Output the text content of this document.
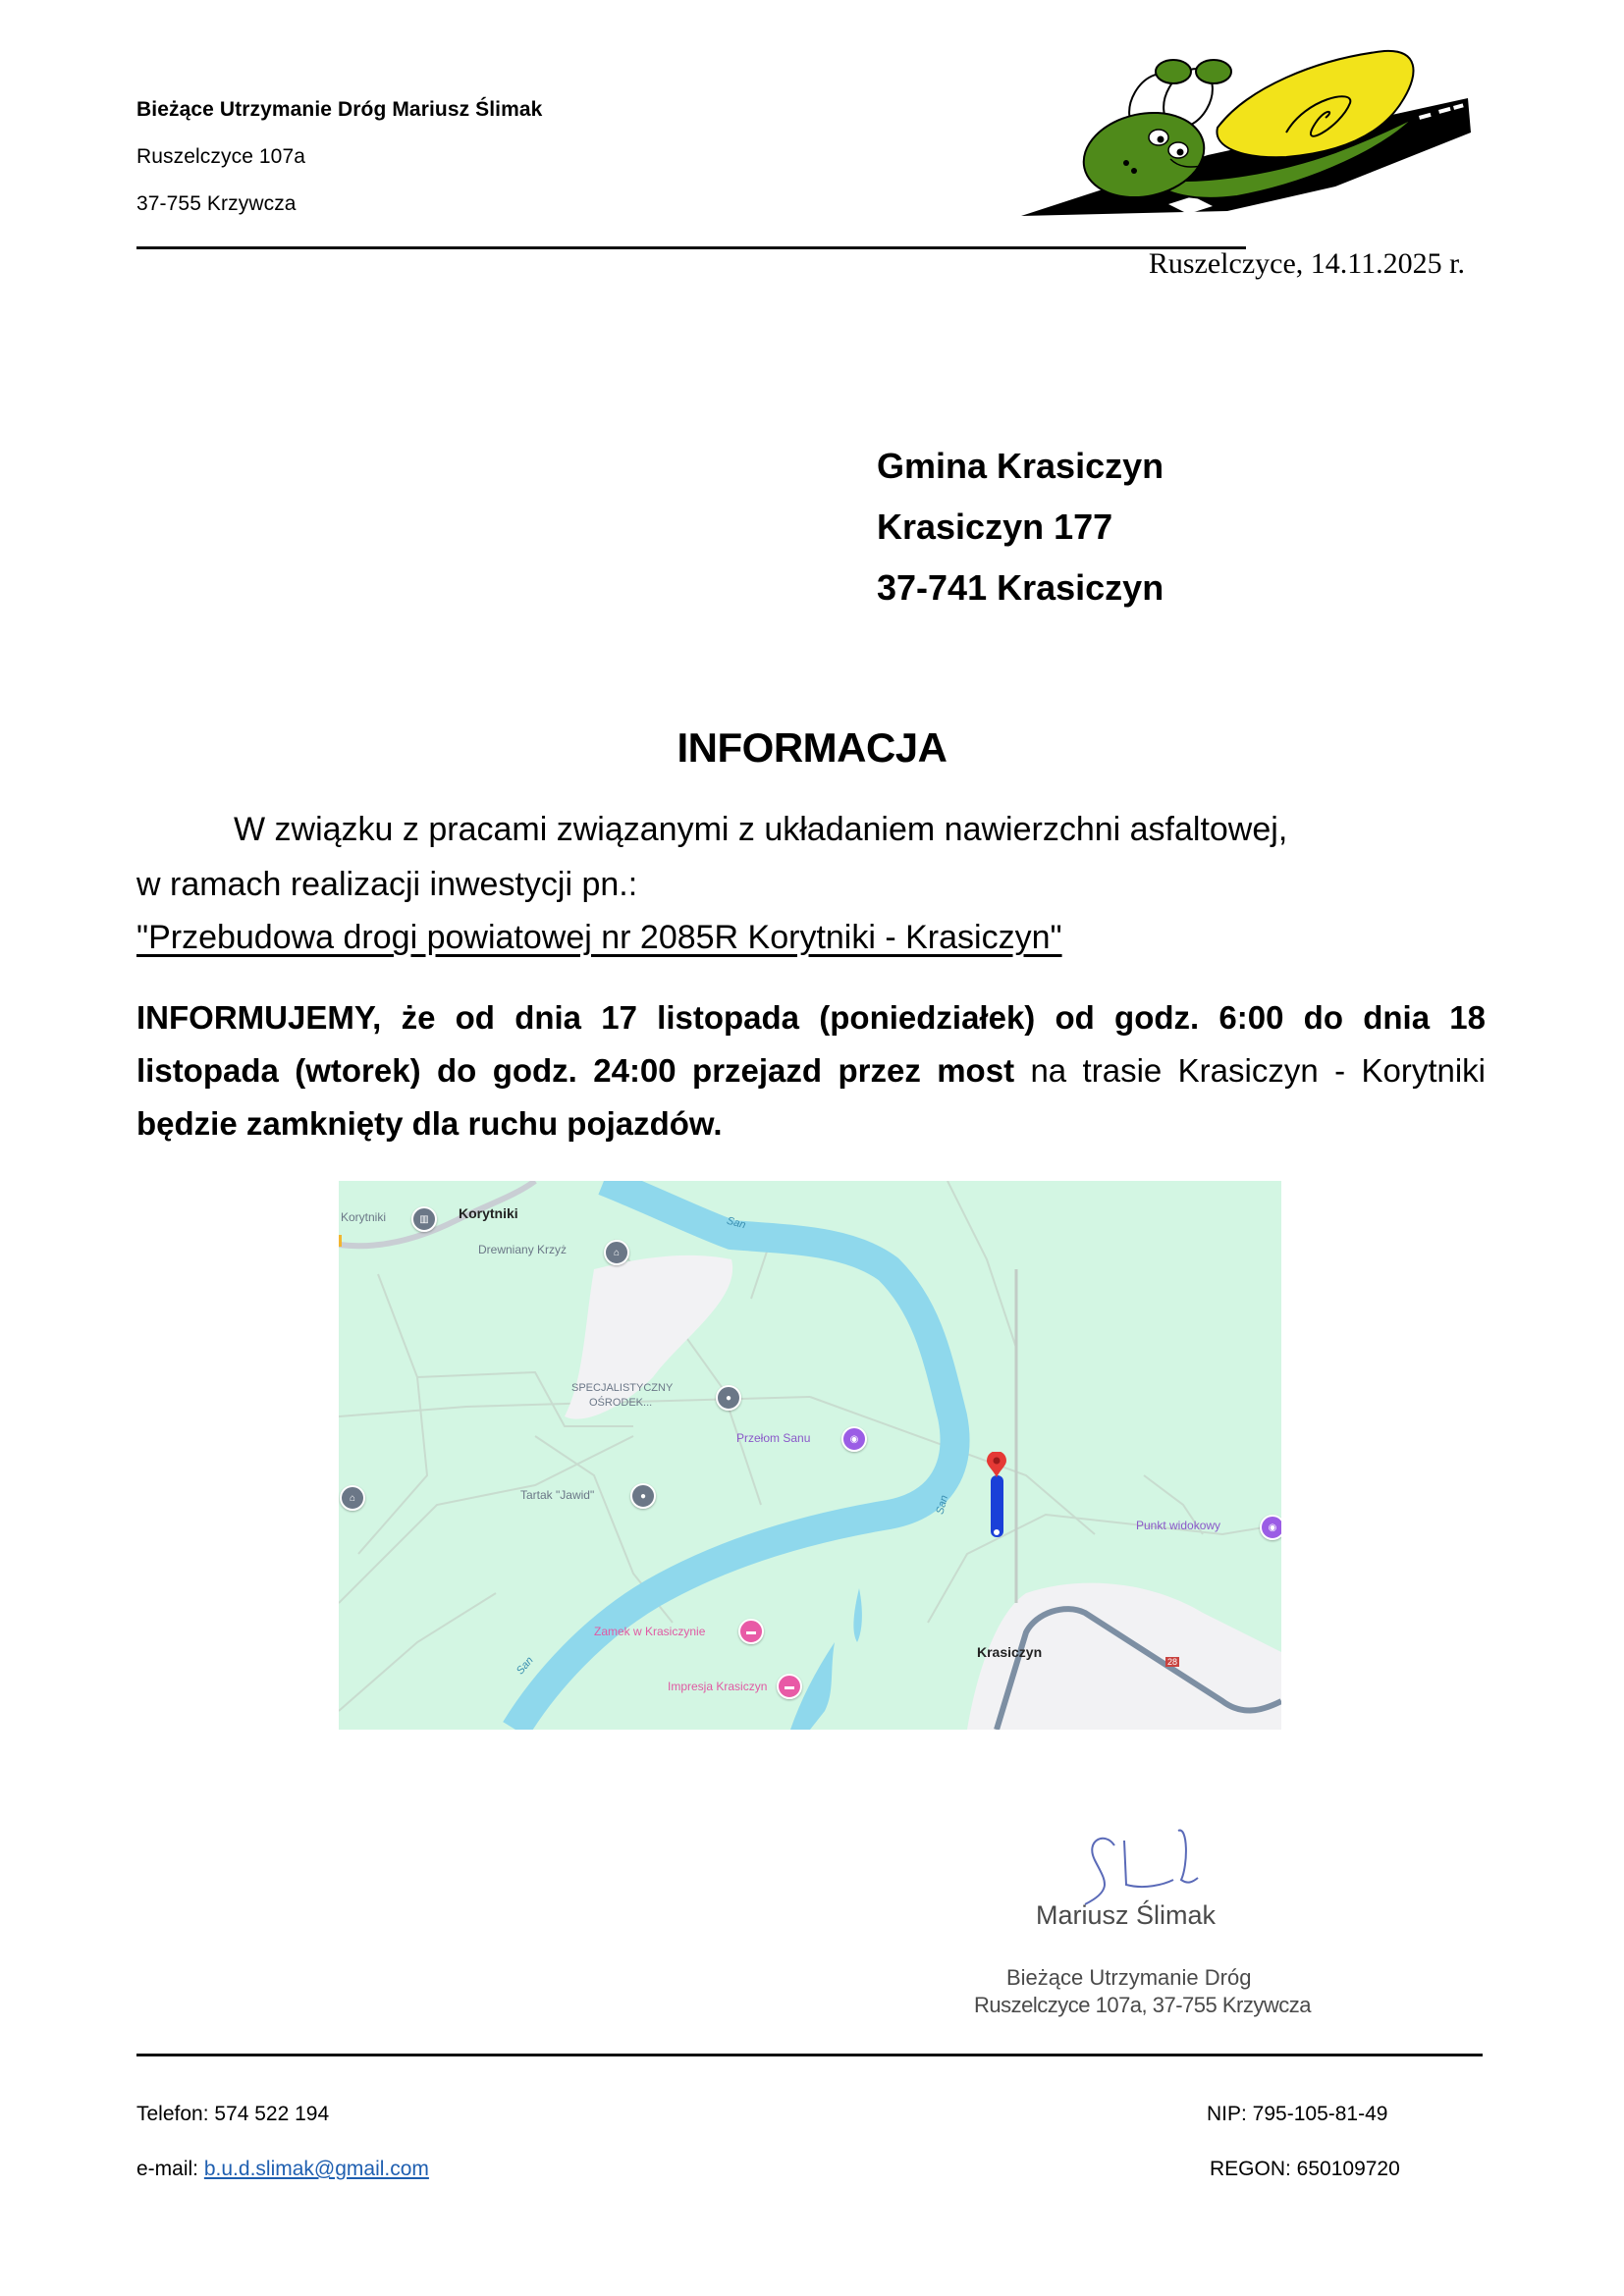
Bieżące Utrzymanie Dróg Mariusz Ślimak
Ruszelczyce 107a
37-755 Krzywcza
Ruszelczyce, 14.11.2025 r.
Gmina Krasiczyn
Krasiczyn 177
37-741 Krasiczyn
INFORMACJA
W związku z pracami związanymi z układaniem nawierzchni asfaltowej,
w ramach realizacji inwestycji pn.:
"Przebudowa drogi powiatowej nr 2085R Korytniki - Krasiczyn"
INFORMUJEMY, że od dnia 17 listopada (poniedziałek) od godz. 6:00 do dnia 18 listopada (wtorek) do godz. 24:00 przejazd przez most na trasie Krasiczyn - Korytniki będzie zamknięty dla ruchu pojazdów.
▥
⌂
●
●
⌂
◉
◉
▬
▬
Korytniki	Korytniki
Drewniany Krzyż
SPECJALISTYCZNY
OŚRODEK...
Tartak "Jawid"
Przełom Sanu
Punkt widokowy
Zamek w Krasiczynie
Krasiczyn
Impresja Krasiczyn
San
San
San	28
Mariusz Ślimak
Bieżące Utrzymanie Dróg
Ruszelczyce 107a, 37-755 Krzywcza
Telefon: 574 522 194
e-mail: b.u.d.slimak@gmail.com
NIP: 795-105-81-49
REGON: 650109720
